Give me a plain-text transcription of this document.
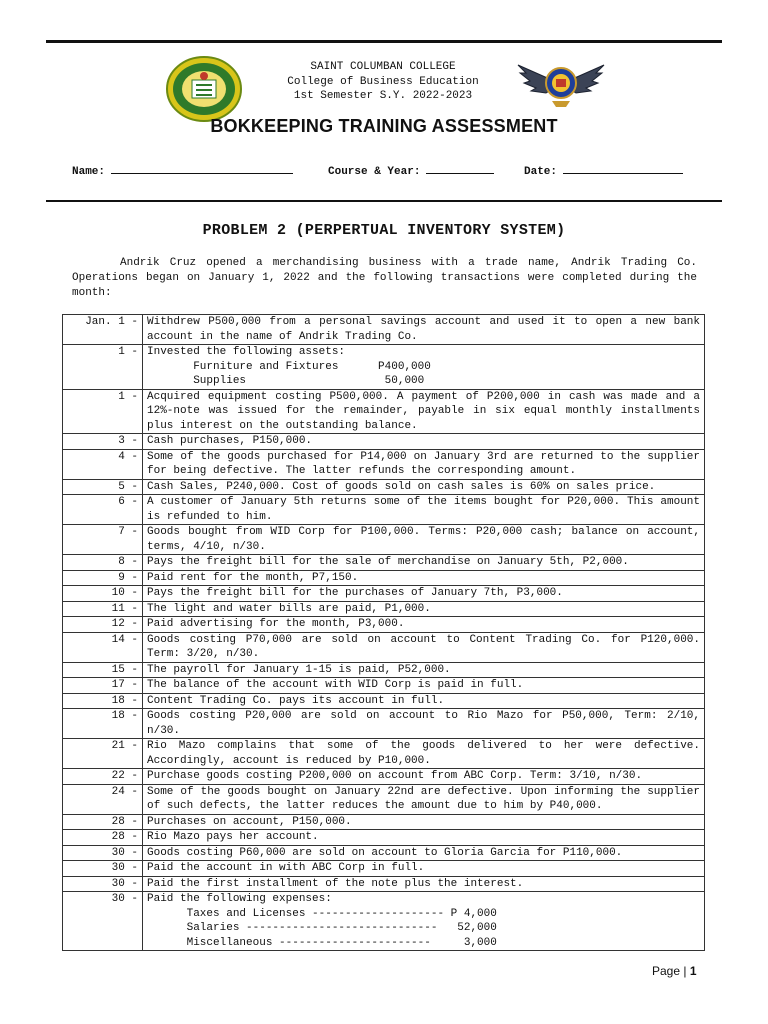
SAINT COLUMBAN COLLEGE
College of Business Education
1st Semester S.Y. 2022-2023
BOKKEEPING TRAINING ASSESSMENT
Name:	Course & Year:	Date:
PROBLEM 2 (PERPERTUAL INVENTORY SYSTEM)
Andrik Cruz opened a merchandising business with a trade name, Andrik Trading Co. Operations began on January 1, 2022 and the following transactions were completed during the month:
Jan. 1 -	Withdrew P500,000 from a personal savings account and used it to open a new bank account in the name of Andrik Trading Co.
1 -	Invested the following assets:
Furniture and Fixtures      P400,000
Supplies                     50,000

1 -	Acquired equipment costing P500,000. A payment of P200,000 in cash was made and a 12%-note was issued for the remainder, payable in six equal monthly installments plus interest on the outstanding balance.
3 -	Cash purchases, P150,000.
4 -	Some of the goods purchased for P14,000 on January 3rd are returned to the supplier for being defective. The latter refunds the corresponding amount.
5 -	Cash Sales, P240,000. Cost of goods sold on cash sales is 60% on sales price.
6 -	A customer of January 5th returns some of the items bought for P20,000. This amount is refunded to him.
7 -	Goods bought from WID Corp for P100,000. Terms: P20,000 cash; balance on account, terms, 4/10, n/30.
8 -	Pays the freight bill for the sale of merchandise on January 5th, P2,000.
9 -	Paid rent for the month, P7,150.
10 -	Pays the freight bill for the purchases of January 7th, P3,000.
11 -	The light and water bills are paid, P1,000.
12 -	Paid advertising for the month, P3,000.
14 -	Goods costing P70,000 are sold on account to Content Trading Co. for P120,000. Term: 3/20, n/30.
15 -	The payroll for January 1-15 is paid, P52,000.
17 -	The balance of the account with WID Corp is paid in full.
18 -	Content Trading Co. pays its account in full.
18 -	Goods costing P20,000 are sold on account to Rio Mazo for P50,000, Term: 2/10, n/30.
21 -	Rio Mazo complains that some of the goods delivered to her were defective. Accordingly, account is reduced by P10,000.
22 -	Purchase goods costing P200,000 on account from ABC Corp. Term: 3/10, n/30.
24 -	Some of the goods bought on January 22nd are defective. Upon informing the supplier of such defects, the latter reduces the amount due to him by P40,000.
28 -	Purchases on account, P150,000.
28 -	Rio Mazo pays her account.
30 -	Goods costing P60,000 are sold on account to Gloria Garcia for P110,000.
30 -	Paid the account in with ABC Corp in full.
30 -	Paid the first installment of the note plus the interest.
30 -	Paid the following expenses:
Taxes and Licenses -------------------- P 4,000
Salaries -----------------------------   52,000
Miscellaneous -----------------------     3,000
Page | 1
